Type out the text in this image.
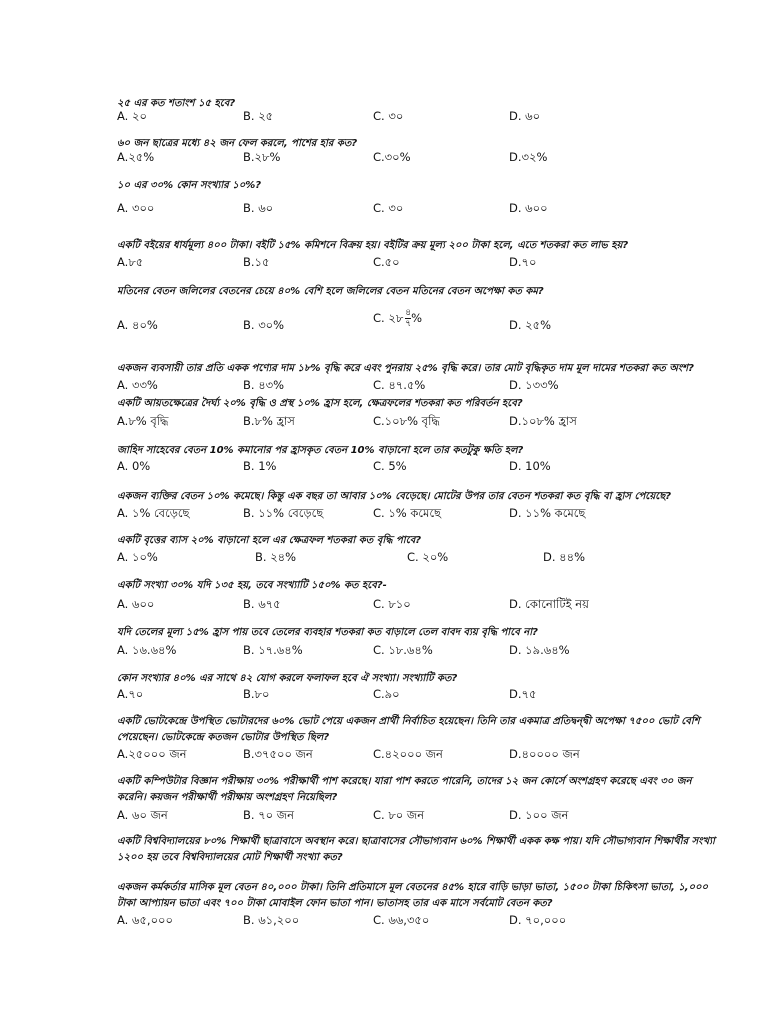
২৫ এর কত শতাংশ ১৫ হবে?
A. ২০	B. ২৫	C. ৩০	D. ৬০
৬০ জন ছাত্রের মধ্যে ৪২ জন ফেল করলে, পাশের হার কত?
A.২৫%	B.২৮%	C.৩০%	D.৩২%
১০ এর ৩০% কোন সংখ্যার ১০%?
A. ৩০০	B. ৬০	C. ৩০	D. ৬০০
একটি বইয়ের ধার্যমূল্য ৪০০ টাকা। বইটি ১৫% কমিশনে বিক্রয় হয়। বইটির ক্রয় মূল্য ২০০ টাকা হলে, এতে শতকরা কত লাভ হয়?
A.৮৫	B.১৫	C.৫০	D.৭০
মতিনের বেতন জলিলের বেতনের চেয়ে ৪০% বেশি হলে জলিলের বেতন মতিনের বেতন অপেক্ষা কত কম?
A. ৪০%	B. ৩০%	C. ২৮ $\frac{৪}{৭}$ %	D. ২৫%
একজন ব্যবসায়ী তার প্রতি একক পণ্যের দাম ১৮% বৃদ্ধি করে এবং পুনরায় ২৫% বৃদ্ধি করে। তার মোট বৃদ্ধিকৃত দাম মূল দামের শতকরা কত অংশ?
A. ৩৩%	B. ৪৩%	C. ৪৭.৫%	D. ১৩৩%
একটি আয়তক্ষেত্রের দৈর্ঘ্য ২০% বৃদ্ধি ও প্রস্থ ১০% হ্রাস হলে, ক্ষেত্রফলের শতকরা কত পরিবর্তন হবে?
A.৮% বৃদ্ধি	B.৮% হ্রাস	C.১০৮% বৃদ্ধি	D.১০৮% হ্রাস
জাহিদ সাহেবের বেতন 10% কমানোর পর হ্রাসকৃত বেতন 10% বাড়ানো হলে তার কতটুকু ক্ষতি হল?
A. 0%	B. 1%	C. 5%	D. 10%
একজন ব্যক্তির বেতন ১০% কমেছে। কিন্তু এক বছর তা আবার ১০% বেড়েছে। মোটের উপর তার বেতন শতকরা কত বৃদ্ধি বা হ্রাস পেয়েছে?
A. ১% বেড়েছে	B. ১১% বেড়েছে	C. ১% কমেছে	D. ১১% কমেছে
একটি বৃত্তের ব্যাস ২০% বাড়ানো হলে এর ক্ষেত্রফল শতকরা কত বৃদ্ধি পাবে?
A. ১০%	B. ২৪%	C. ২০%	D. ৪৪%
একটি সংখ্যা ৩০% যদি ১৩৫ হয়, তবে সংখ্যাটি ১৫০% কত হবে?-
A. ৬০০	B. ৬৭৫	C. ৮১০	D. কোনোটিই নয়
যদি তেলের মূল্য ১৫% হ্রাস পায় তবে তেলের ব্যবহার শতকরা কত বাড়ালে তেল বাবদ ব্যয় বৃদ্ধি পাবে না?
A. ১৬.৬৪%	B. ১৭.৬৪%	C. ১৮.৬৪%	D. ১৯.৬৪%
কোন সংখ্যার ৪০% এর সাথে ৪২ যোগ করলে ফলাফল হবে ঐ সংখ্যা। সংখ্যাটি কত?
A.৭০	B.৮০	C.৯০	D.৭৫
একটি ভোটকেন্দ্রে উপস্থিত ভোটারদের ৬০% ভোট পেয়ে একজন প্রার্থী নির্বাচিত হয়েছেন। তিনি তার একমাত্র প্রতিদ্বন্দ্বী অপেক্ষা ৭৫০০ ভোট বেশি পেয়েছেন। ভোটকেন্দ্রে কতজন ভোটার উপস্থিত ছিল?
A.২৫০০০ জন	B.৩৭৫০০ জন	C.৪২০০০ জন	D.৪০০০০ জন
একটি কম্পিউটার বিজ্ঞান পরীক্ষায় ৩০% পরীক্ষার্থী পাশ করেছে। যারা পাশ করতে পারেনি, তাদের ১২ জন কোর্সে অংশগ্রহণ করেছে এবং ৩০ জন করেনি। কয়জন পরীক্ষার্থী পরীক্ষায় অংশগ্রহণ নিয়েছিল?
A. ৬০ জন	B. ৭০ জন	C. ৮০ জন	D. ১০০ জন
একটি বিশ্ববিদ্যালয়ের ৮০% শিক্ষার্থী ছাত্রাবাসে অবস্থান করে। ছাত্রাবাসের সৌভাগ্যবান ৬০% শিক্ষার্থী একক কক্ষ পায়। যদি সৌভাগ্যবান শিক্ষার্থীর সংখ্যা ১২০০ হয় তবে বিশ্ববিদ্যালয়ের মোট শিক্ষার্থী সংখ্যা কত?
একজন কর্মকর্তার মাসিক মূল বেতন ৪০,০০০ টাকা। তিনি প্রতিমাসে মূল বেতনের ৪৫% হারে বাড়ি ভাড়া ভাতা, ১৫০০ টাকা চিকিৎসা ভাতা, ১,০০০ টাকা আপ্যায়ন ভাতা এবং ৭০০ টাকা মোবাইল ফোন ভাতা পান। ভাতাসহ তার এক মাসে সর্বমোট বেতন কত?
A. ৬৫,০০০	B. ৬১,২০০	C. ৬৬,৩৫০	D. ৭০,০০০
